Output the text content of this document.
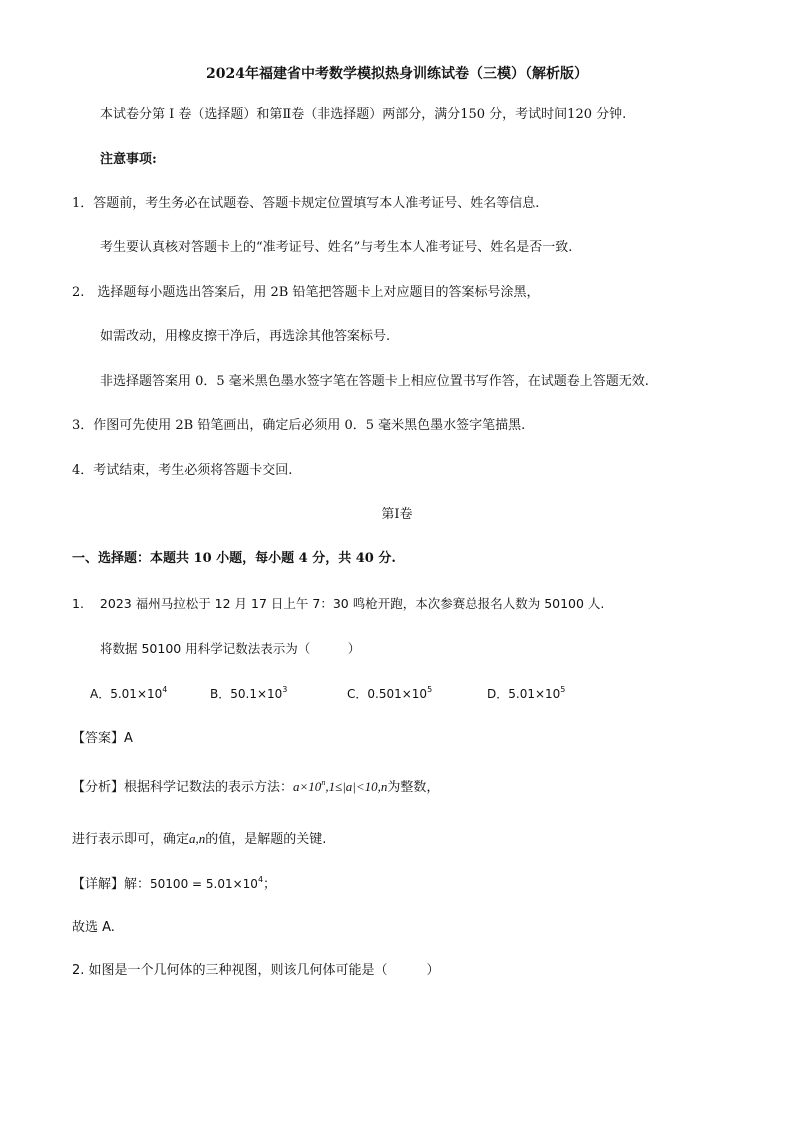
2024年福建省中考数学模拟热身训练试卷（三模）（解析版）
本试卷分第 I 卷（选择题）和第Ⅱ卷（非选择题）两部分，满分150 分，考试时间120 分钟.
注意事项:
1．答题前，考生务必在试题卷、答题卡规定位置填写本人准考证号、姓名等信息.
考生要认真核对答题卡上的“准考证号、姓名”与考生本人准考证号、姓名是否一致.
2.　选择题每小题选出答案后，用 2B 铅笔把答题卡上对应题目的答案标号涂黑，
如需改动，用橡皮擦干净后，再选涂其他答案标号.
非选择题答案用 0．5 毫米黑色墨水签字笔在答题卡上相应位置书写作答，在试题卷上答题无效.
3．作图可先使用 2B 铅笔画出，确定后必须用 0．5 毫米黑色墨水签字笔描黑.
4．考试结束，考生必须将答题卡交回.
第Ⅰ卷
一、选择题：本题共 10 小题，每小题 4 分，共 40 分.
1. 2023 福州马拉松于 12 月 17 日上午 7：30 鸣枪开跑，本次参赛总报名人数为 50100 人.
将数据 50100 用科学记数法表示为（　　　）
A．$5.01\times 10^4$	B．$50.1\times 10^3$	C．$0.501\times 10^5$	D．$5.01\times 10^5$
【答案】A
【分析】根据科学记数法的表示方法：$a\times 10^n,1\le|a|<10,n$为整数，
进行表示即可，确定a,n的值，是解题的关键.
【详解】解：$50100 = 5.01\times 10^4$；
故选 A.
2. 如图是一个几何体的三种视图，则该几何体可能是（　　　）
